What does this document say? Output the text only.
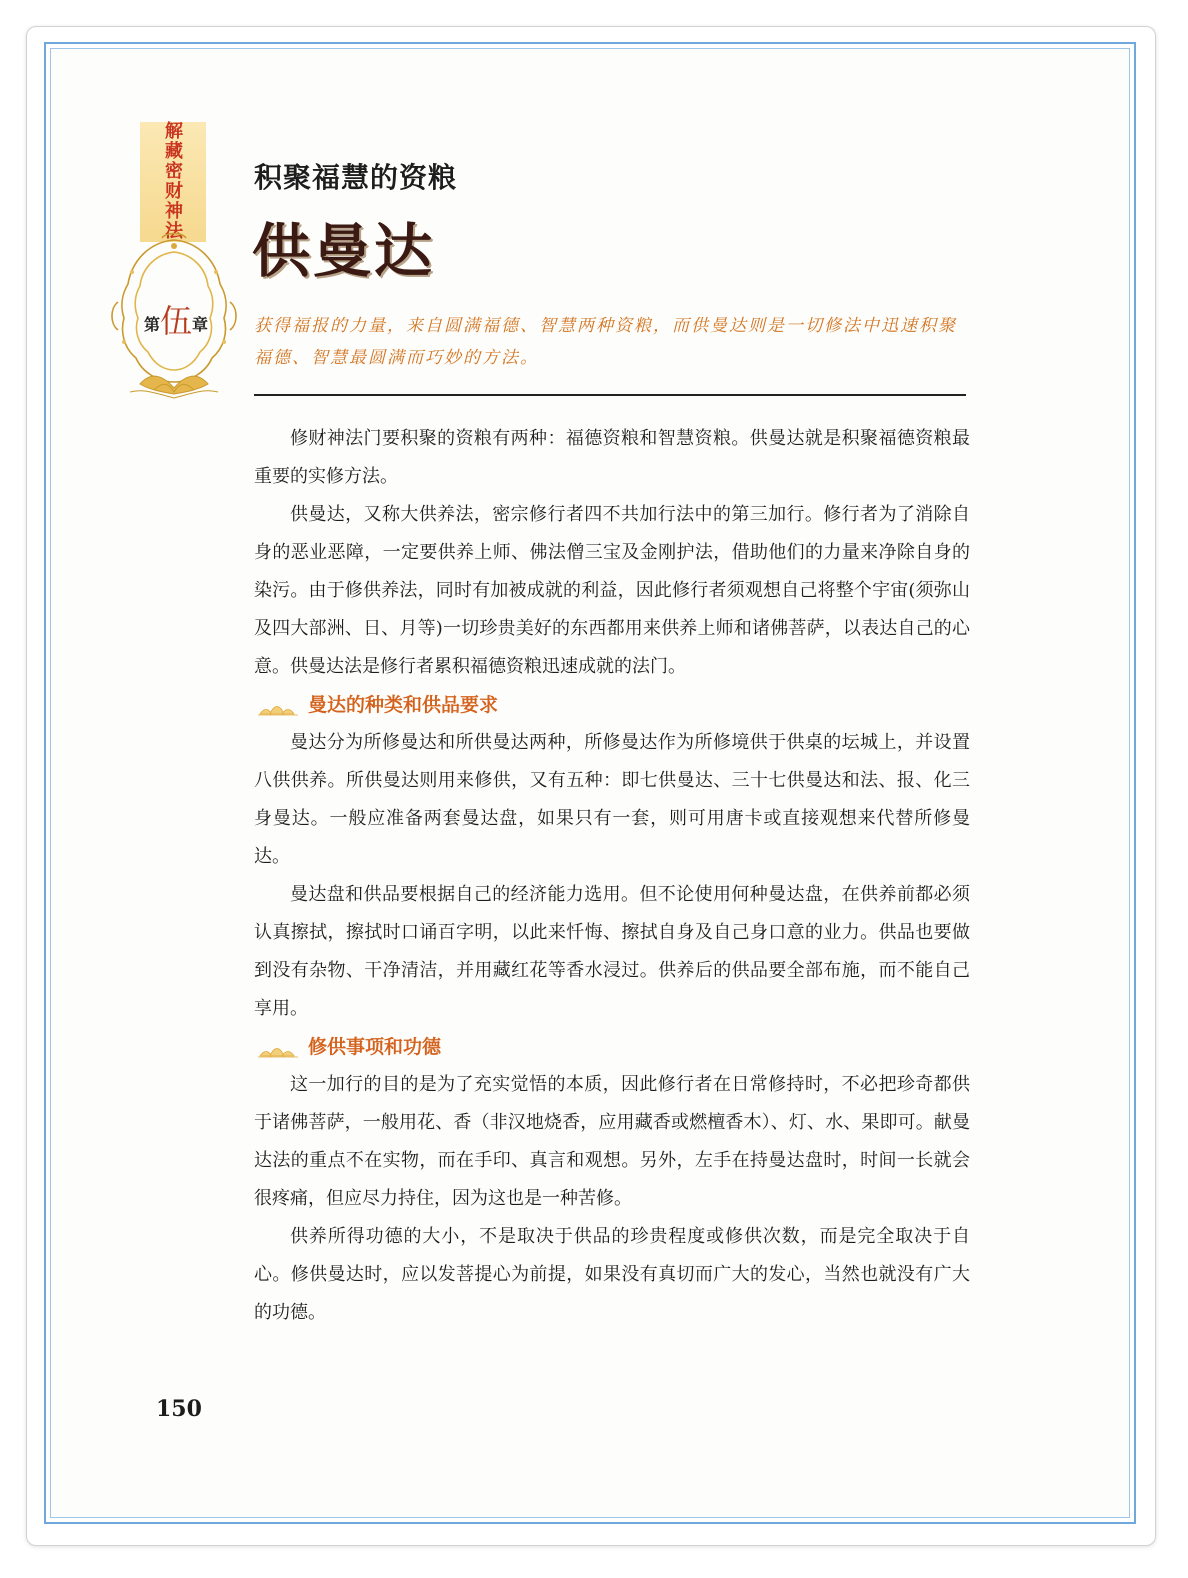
解藏密财神法
第 伍 章
积聚福慧的资粮
供曼达
获得福报的力量，来自圆满福德、智慧两种资粮，而供曼达则是一切修法中迅速积聚福德、智慧最圆满而巧妙的方法。

修财神法门要积聚的资粮有两种：福德资粮和智慧资粮。供曼达就是积聚福德资粮最重要的实修方法。

供曼达，又称大供养法，密宗修行者四不共加行法中的第三加行。修行者为了消除自身的恶业恶障，一定要供养上师、佛法僧三宝及金刚护法，借助他们的力量来净除自身的染污。由于修供养法，同时有加被成就的利益，因此修行者须观想自己将整个宇宙(须弥山及四大部洲、日、月等)一切珍贵美好的东西都用来供养上师和诸佛菩萨，以表达自己的心意。供曼达法是修行者累积福德资粮迅速成就的法门。

曼达的种类和供品要求

曼达分为所修曼达和所供曼达两种，所修曼达作为所修境供于供桌的坛城上，并设置八供供养。所供曼达则用来修供，又有五种：即七供曼达、三十七供曼达和法、报、化三身曼达。一般应准备两套曼达盘，如果只有一套，则可用唐卡或直接观想来代替所修曼达。

曼达盘和供品要根据自己的经济能力选用。但不论使用何种曼达盘，在供养前都必须认真擦拭，擦拭时口诵百字明，以此来忏悔、擦拭自身及自己身口意的业力。供品也要做到没有杂物、干净清洁，并用藏红花等香水浸过。供养后的供品要全部布施，而不能自己享用。

修供事项和功德

这一加行的目的是为了充实觉悟的本质，因此修行者在日常修持时，不必把珍奇都供于诸佛菩萨，一般用花、香（非汉地烧香，应用藏香或燃檀香木）、灯、水、果即可。献曼达法的重点不在实物，而在手印、真言和观想。另外，左手在持曼达盘时，时间一长就会很疼痛，但应尽力持住，因为这也是一种苦修。

供养所得功德的大小，不是取决于供品的珍贵程度或修供次数，而是完全取决于自心。修供曼达时，应以发菩提心为前提，如果没有真切而广大的发心，当然也就没有广大的功德。

150
